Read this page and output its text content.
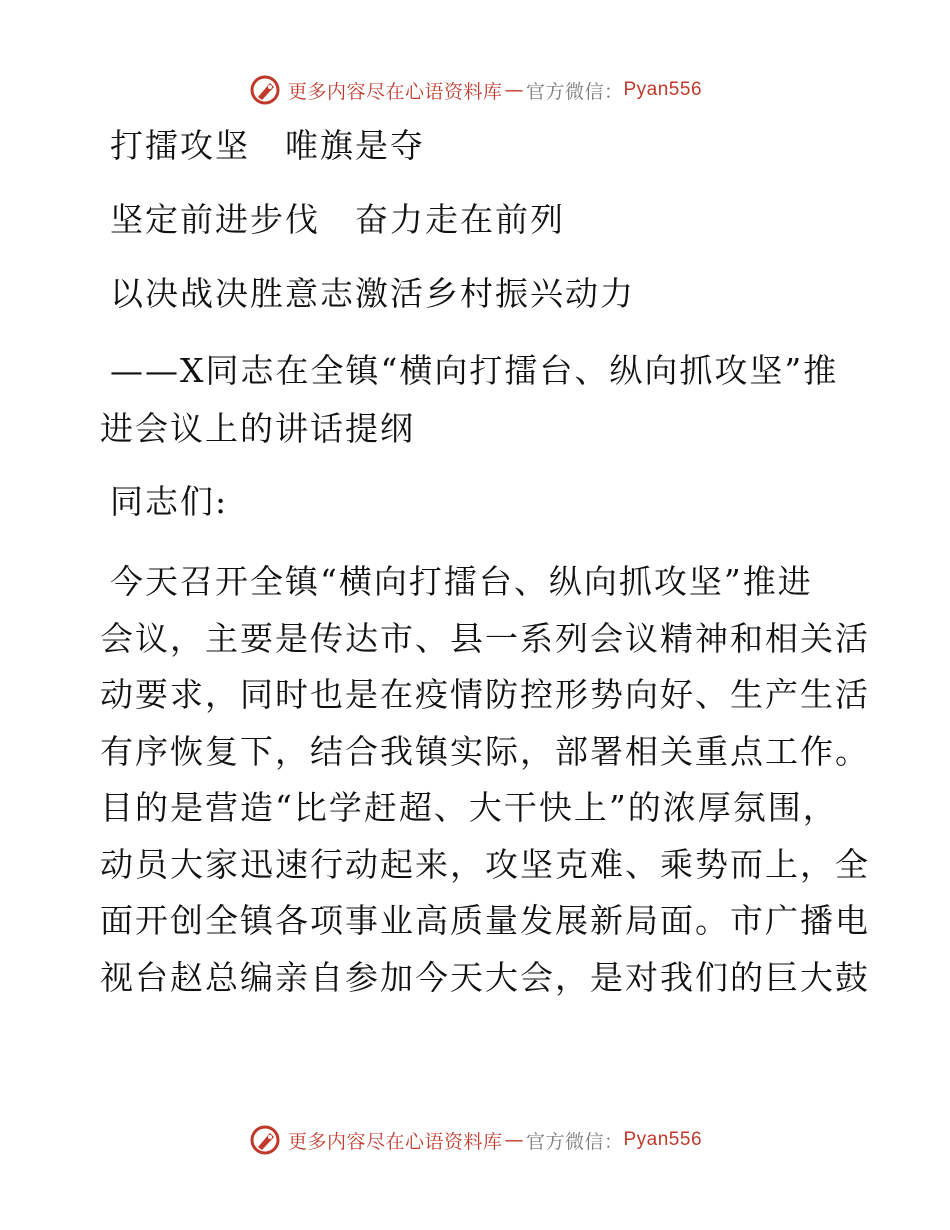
更多内容尽在心语资料库 — 官方微信： Pyan556
打擂攻坚　唯旗是夺
坚定前进步伐　奋力走在前列
以决战决胜意志激活乡村振兴动力
——X同志在全镇“横向打擂台、纵向抓攻坚”推
进会议上的讲话提纲
同志们:
今天召开全镇“横向打擂台、纵向抓攻坚”推进
会议，主要是传达市、县一系列会议精神和相关活
动要求，同时也是在疫情防控形势向好、生产生活
有序恢复下，结合我镇实际，部署相关重点工作。
目的是营造“比学赶超、大干快上”的浓厚氛围，
动员大家迅速行动起来，攻坚克难、乘势而上，全
面开创全镇各项事业高质量发展新局面。市广播电
视台赵总编亲自参加今天大会，是对我们的巨大鼓
更多内容尽在心语资料库 — 官方微信： Pyan556
